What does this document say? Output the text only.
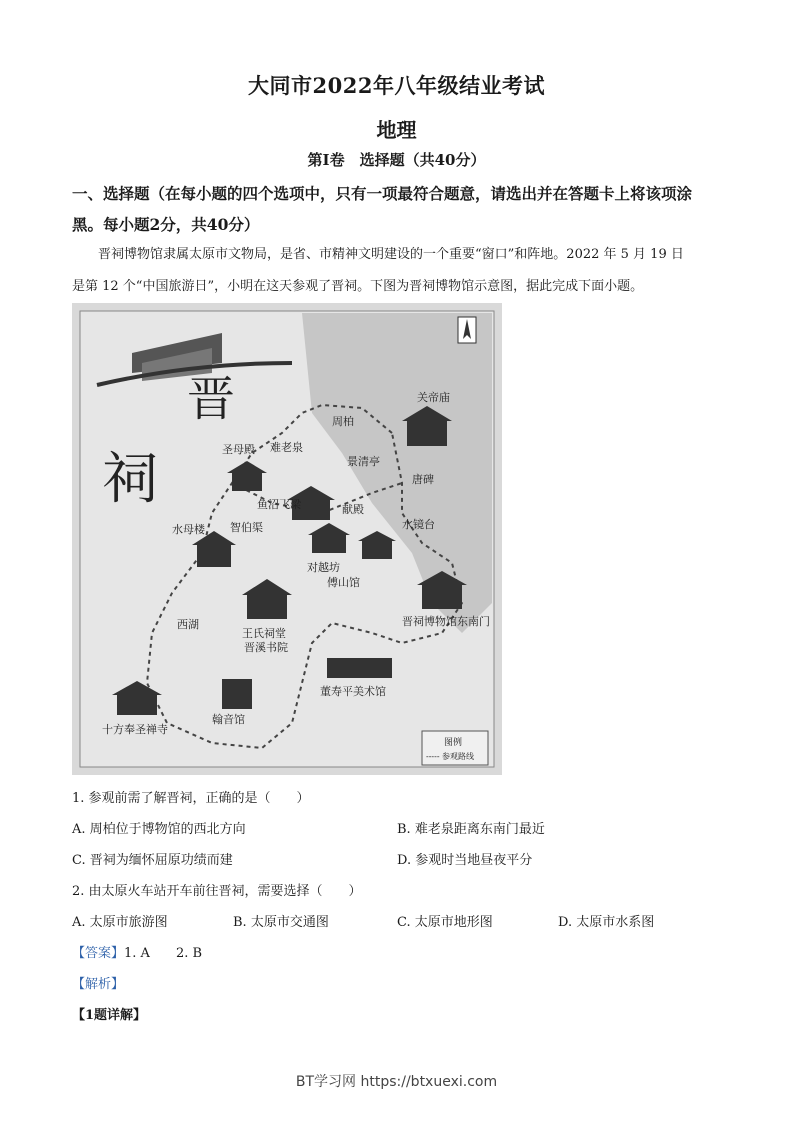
大同市2022年八年级结业考试
地理
第Ⅰ卷　选择题（共40分）
一、选择题（在每小题的四个选项中，只有一项最符合题意，请选出并在答题卡上将该项涂
黑。每小题2分，共40分）
晋祠博物馆隶属太原市文物局，是省、市精神文明建设的一个重要“窗口”和阵地。2022 年 5 月 19 日
是第 12 个“中国旅游日”，小明在这天参观了晋祠。下图为晋祠博物馆示意图，据此完成下面小题。
晋
祠
关帝庙
周柏
难老泉
圣母殿
鱼沼飞梁
景清亭
献殿
唐碑
水镜台
水母楼 智伯渠
对越坊
傅山馆
晋祠博物馆东南门
西湖
王氏祠堂
晋溪书院
董寿平美术馆
十方奉圣禅寺
翰音馆
图例
----- 参观路线
1. 参观前需了解晋祠，正确的是（　　）
A. 周柏位于博物馆的西北方向	B. 难老泉距离东南门最近
C. 晋祠为缅怀屈原功绩而建	D. 参观时当地昼夜平分
2. 由太原火车站开车前往晋祠，需要选择（　　）
A. 太原市旅游图	B. 太原市交通图	C. 太原市地形图	D. 太原市水系图
【答案】1. A　　2. B
【解析】
【1题详解】
BT学习网 https://btxuexi.com
